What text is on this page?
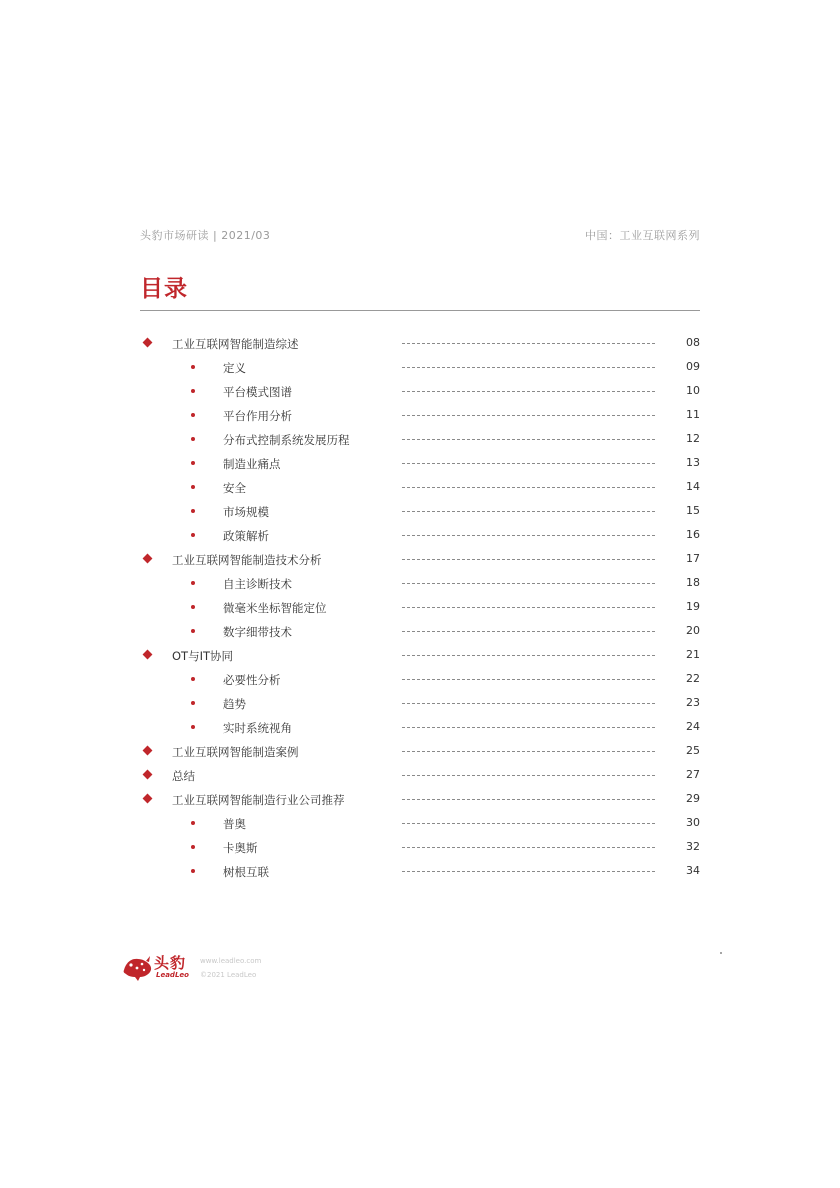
头豹市场研读 | 2021/03	中国：工业互联网系列
目录
工业互联网智能制造综述	08
定义	09
平台模式图谱	10
平台作用分析	11
分布式控制系统发展历程	12
制造业痛点	13
安全	14
市场规模	15
政策解析	16
工业互联网智能制造技术分析	17
自主诊断技术	18
微毫米坐标智能定位	19
数字细带技术	20
OT与IT协同	21
必要性分析	22
趋势	23
实时系统视角	24
工业互联网智能制造案例	25
总结	27
工业互联网智能制造行业公司推荐	29
普奥	30
卡奥斯	32
树根互联	34
头豹
LeadLeo
www.leadleo.com
©2021 LeadLeo
